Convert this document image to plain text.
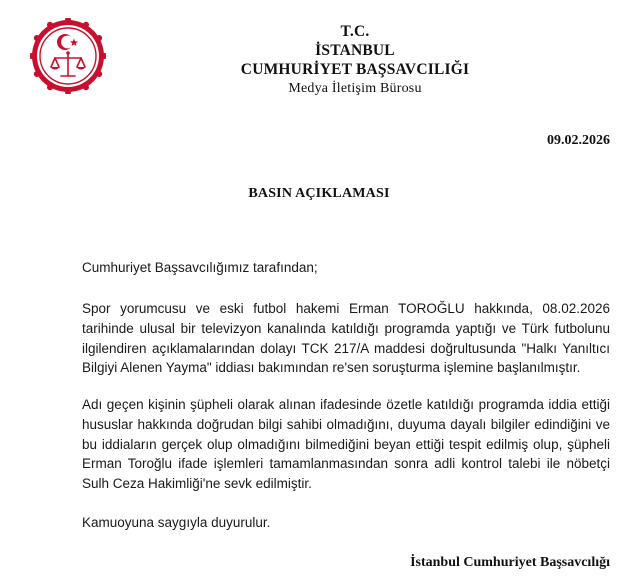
T.C.
İSTANBUL
CUMHURİYET BAŞSAVCILIĞI
Medya İletişim Bürosu
09.02.2026
BASIN AÇIKLAMASI
Cumhuriyet Başsavcılığımız tarafından;
Spor yorumcusu ve eski futbol hakemi Erman TOROĞLU hakkında, 08.02.2026 tarihinde ulusal bir televizyon kanalında katıldığı programda yaptığı ve Türk futbolunu ilgilendiren açıklamalarından dolayı TCK 217/A maddesi doğrultusunda "Halkı Yanıltıcı Bilgiyi Alenen Yayma" iddiası bakımından re'sen soruşturma işlemine başlanılmıştır.
Adı geçen kişinin şüpheli olarak alınan ifadesinde özetle katıldığı programda iddia ettiği hususlar hakkında doğrudan bilgi sahibi olmadığını, duyuma dayalı bilgiler edindiğini ve bu iddiaların gerçek olup olmadığını bilmediğini beyan ettiği tespit edilmiş olup, şüpheli Erman Toroğlu ifade işlemleri tamamlanmasından sonra adli kontrol talebi ile nöbetçi Sulh Ceza Hakimliği'ne sevk edilmiştir.
Kamuoyuna saygıyla duyurulur.
İstanbul Cumhuriyet Başsavcılığı
